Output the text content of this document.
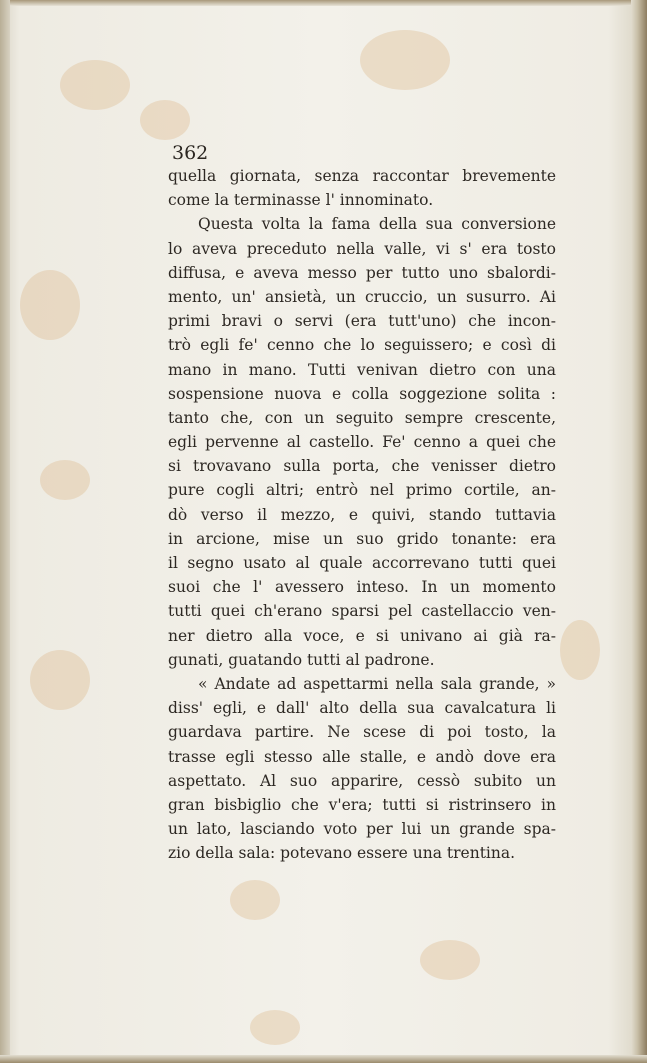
362
quella giornata, senza raccontar brevemente
come la terminasse l' innominato.
Questa volta la fama della sua conversione
lo aveva preceduto nella valle, vi s' era tosto
diffusa, e aveva messo per tutto uno sbalordi-
mento, un' ansietà, un cruccio, un susurro. Ai
primi bravi o servi (era tutt'uno) che incon-
trò egli fe' cenno che lo seguissero; e così di
mano in mano. Tutti venivan dietro con una
sospensione nuova e colla soggezione solita :
tanto che, con un seguito sempre crescente,
egli pervenne al castello. Fe' cenno a quei che
si trovavano sulla porta, che venisser dietro
pure cogli altri; entrò nel primo cortile, an-
dò verso il mezzo, e quivi, stando tuttavia
in arcione, mise un suo grido tonante: era
il segno usato al quale accorrevano tutti quei
suoi che l' avessero inteso. In un momento
tutti quei ch'erano sparsi pel castellaccio ven-
ner dietro alla voce, e si univano ai già ra-
gunati, guatando tutti al padrone.
« Andate ad aspettarmi nella sala grande, »
diss' egli, e dall' alto della sua cavalcatura li
guardava partire. Ne scese di poi tosto, la
trasse egli stesso alle stalle, e andò dove era
aspettato. Al suo apparire, cessò subito un
gran bisbiglio che v'era; tutti si ristrinsero in
un lato, lasciando voto per lui un grande spa-
zio della sala: potevano essere una trentina.
